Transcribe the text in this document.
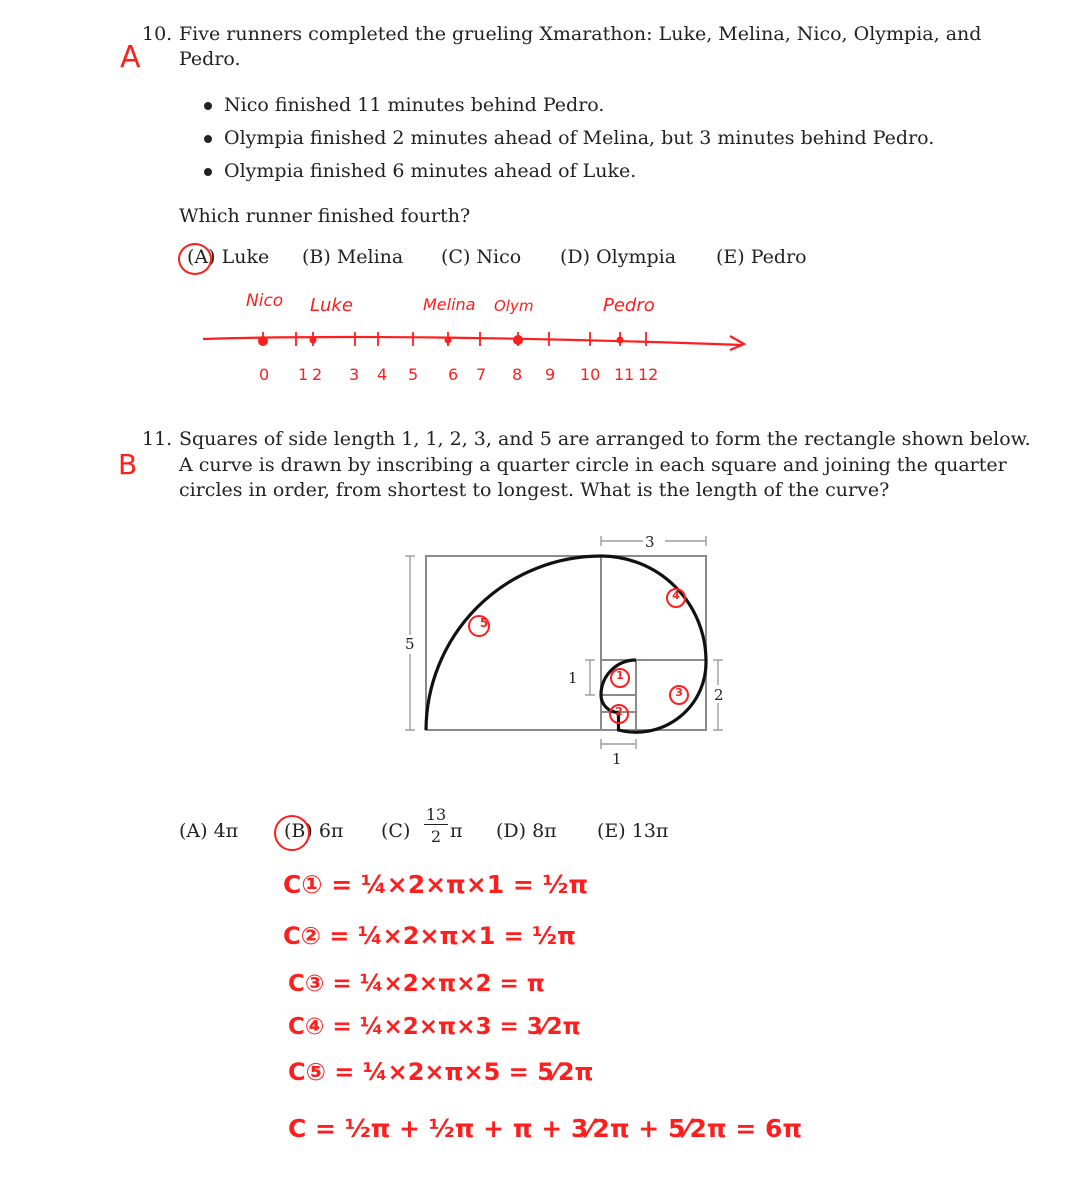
10. Five runners completed the grueling Xmarathon: Luke, Melina, Nico, Olympia, and
Pedro.
A
Nico finished 11 minutes behind Pedro.
Olympia finished 2 minutes ahead of Melina, but 3 minutes behind Pedro.
Olympia finished 6 minutes ahead of Luke.
Which runner finished fourth?
(A) Luke (B) Melina (C) Nico (D) Olympia (E) Pedro
Nico Luke	Melina Olym	Pedro
0 1 2 3 4 5 6 7 8 9 10 11 12
11. Squares of side length 1, 1, 2, 3, and 5 are arranged to form the rectangle shown below.
A curve is drawn by inscribing a quarter circle in each square and joining the quarter
circles in order, from shortest to longest. What is the length of the curve?
B
3
5
1
2
1
5
1
2
3
4
(A) 4π (B) 6π (C)
13
2 π (D) 8π (E) 13π
C① = ¼×2×π×1 = ½π
C② = ¼×2×π×1 = ½π
C③ = ¼×2×π×2 = π
C④ = ¼×2×π×3 = 3⁄2π
C⑤ = ¼×2×π×5 = 5⁄2π
C = ½π + ½π + π + 3⁄2π + 5⁄2π = 6π
